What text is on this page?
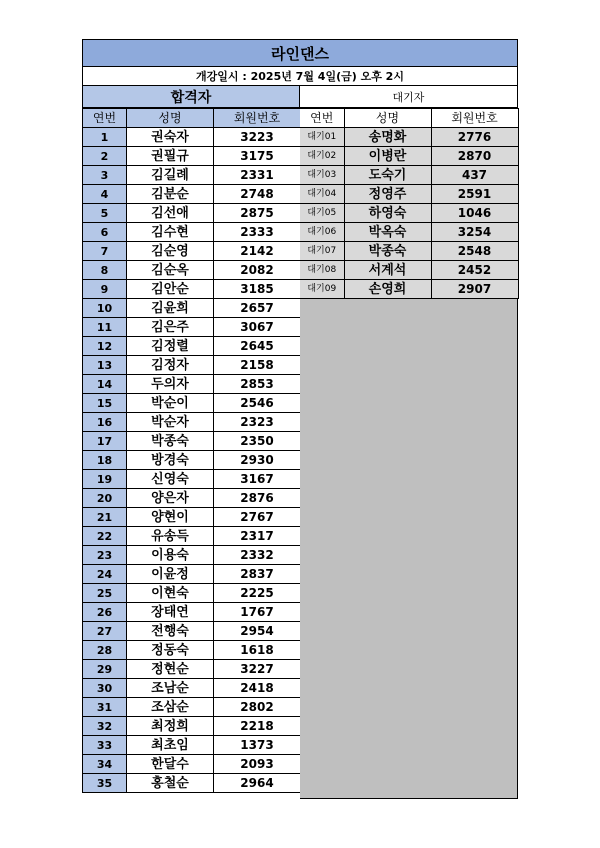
라인댄스
개강일시 : 2025년 7월 4일(금) 오후 2시
합격자
연번	성명	회원번호
1	권숙자	3223
2	권필규	3175
3	김길례	2331
4	김분순	2748
5	김선애	2875
6	김수현	2333
7	김순영	2142
8	김순옥	2082
9	김안순	3185
10	김윤희	2657
11	김은주	3067
12	김정렬	2645
13	김정자	2158
14	두의자	2853
15	박순이	2546
16	박순자	2323
17	박종숙	2350
18	방경숙	2930
19	신영숙	3167
20	양은자	2876
21	양현이	2767
22	유송득	2317
23	이용숙	2332
24	이윤정	2837
25	이현숙	2225
26	장태연	1767
27	전행숙	2954
28	정동숙	1618
29	정현순	3227
30	조남순	2418
31	조삼순	2802
32	최정희	2218
33	최초임	1373
34	한달수	2093
35	홍철순	2964
대기자
연번	성명	회원번호
대기01	송명화	2776
대기02	이병란	2870
대기03	도숙기	437
대기04	정영주	2591
대기05	하영숙	1046
대기06	박옥숙	3254
대기07	박종숙	2548
대기08	서계석	2452
대기09	손영희	2907
